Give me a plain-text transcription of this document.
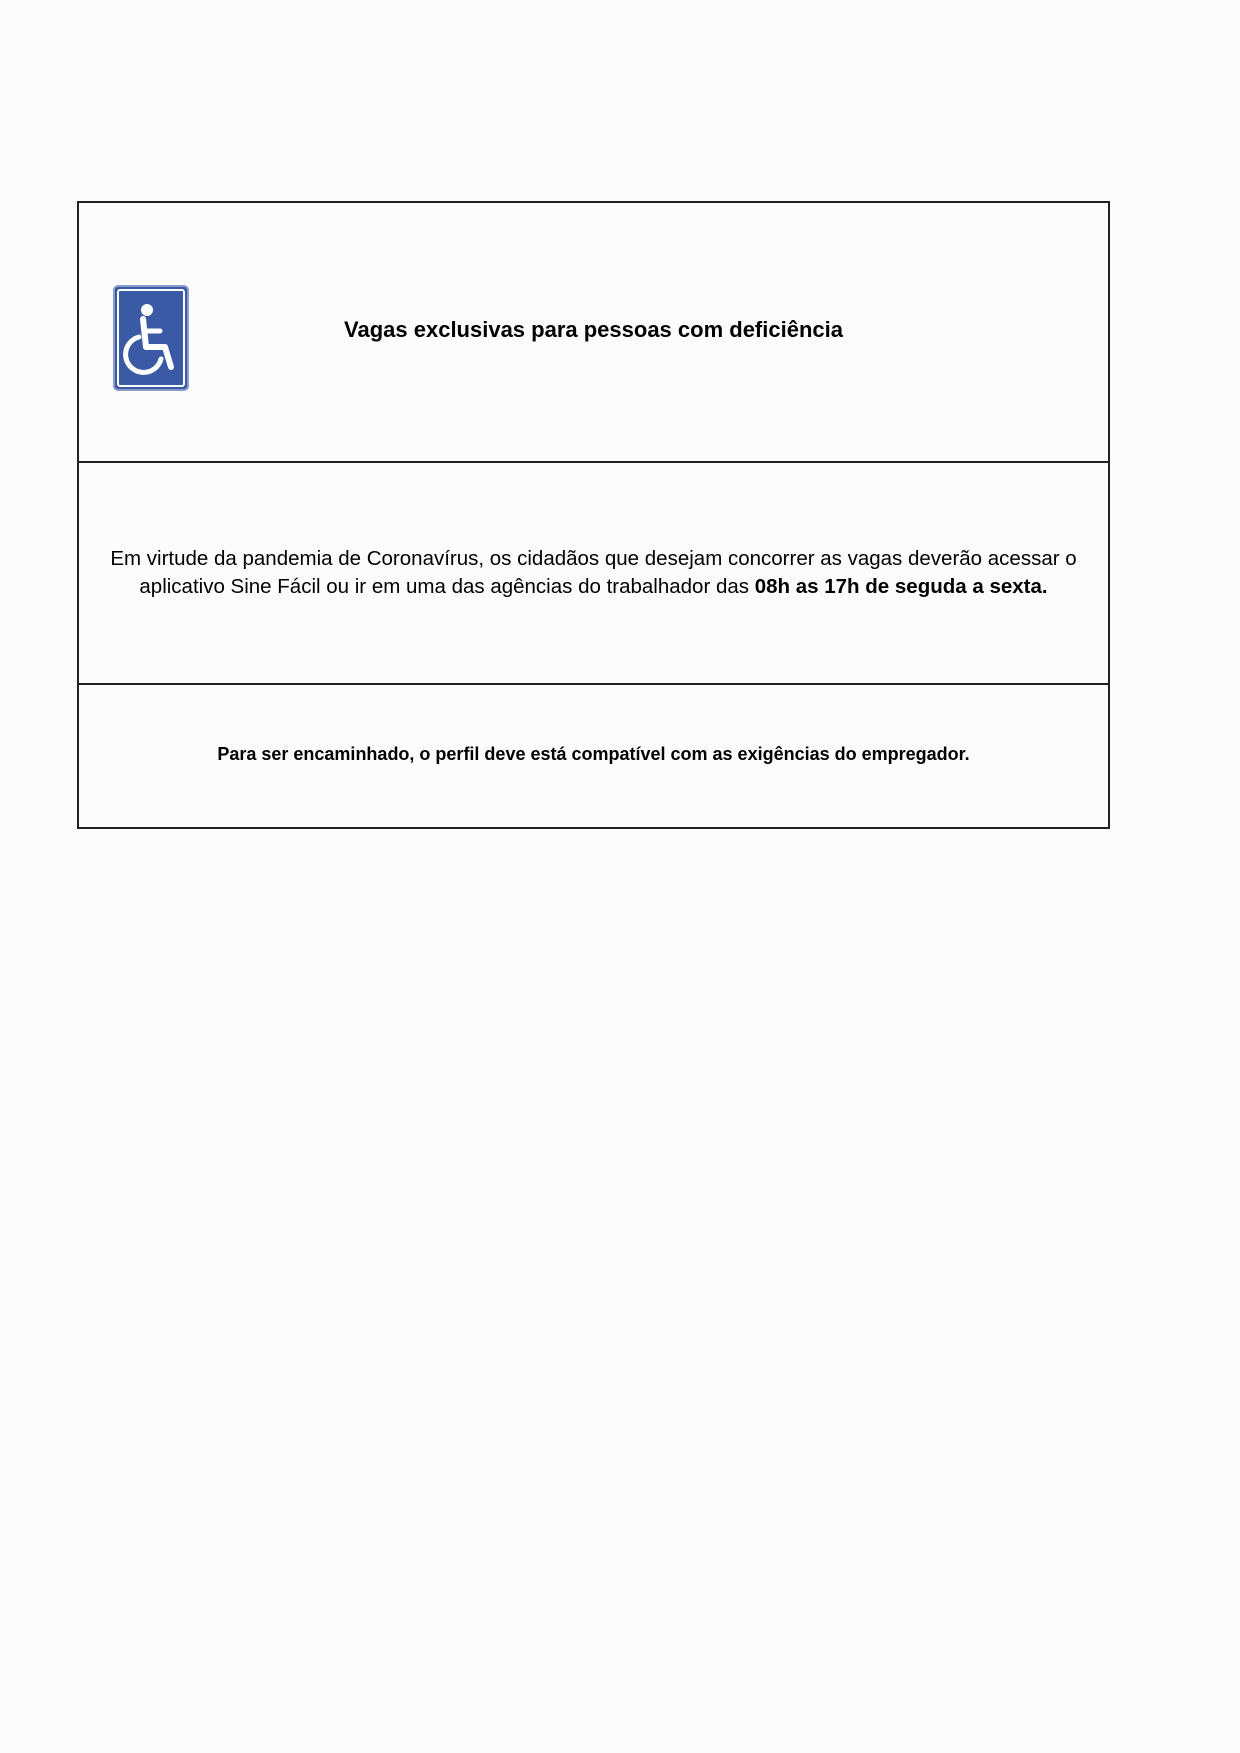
Vagas exclusivas para pessoas com deficiência
Em virtude da pandemia de Coronavírus, os cidadãos que desejam concorrer as vagas deverão acessar o
aplicativo Sine Fácil ou ir em uma das agências do trabalhador das 08h as 17h de seguda a sexta.
Para ser encaminhado, o perfil deve está compatível com as exigências do empregador.
